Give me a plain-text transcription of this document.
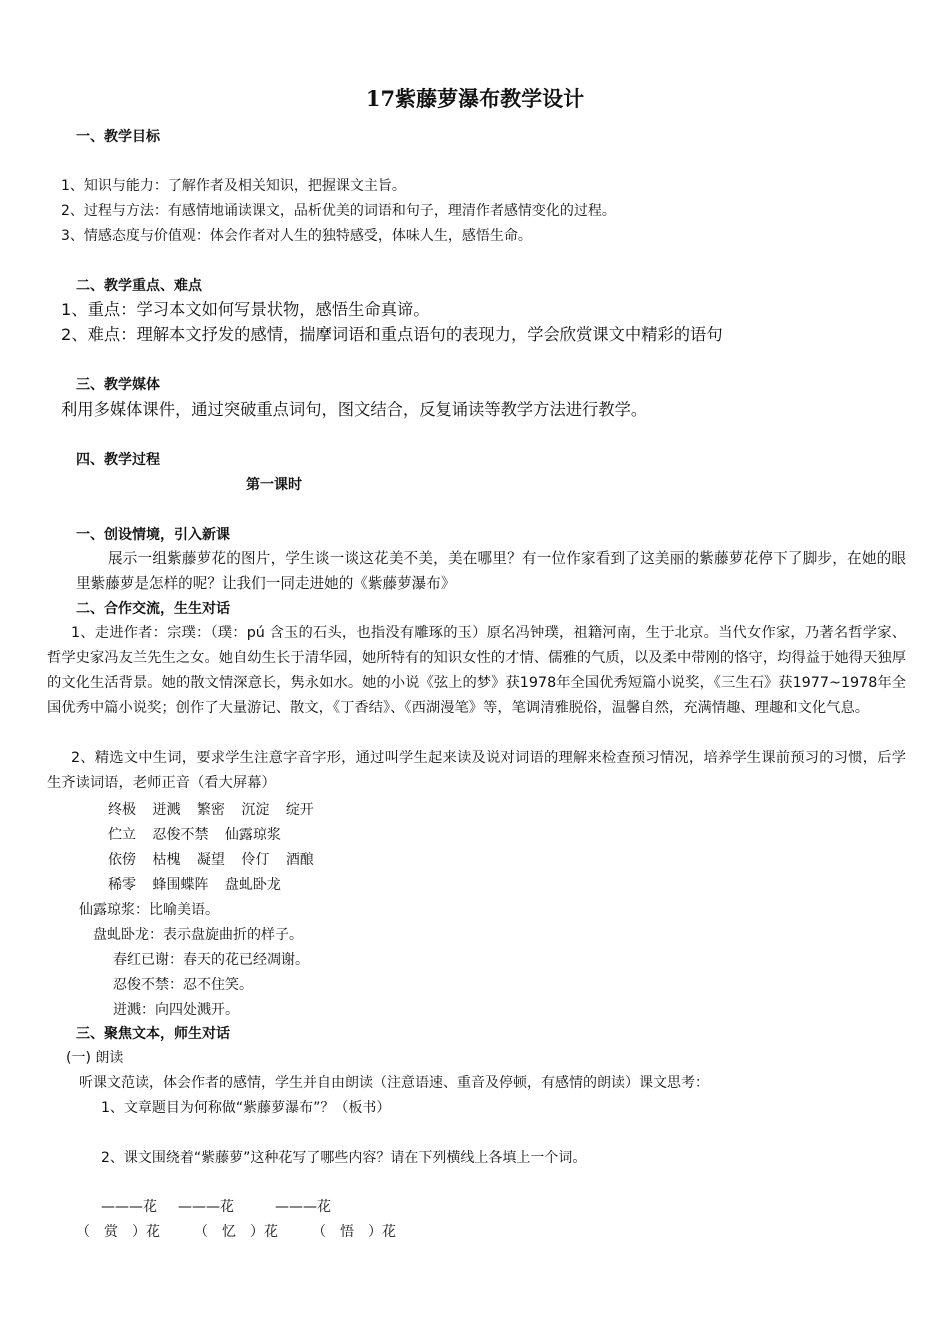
17紫藤萝瀑布教学设计

一、教学目标

1、知识与能力：了解作者及相关知识，把握课文主旨。

2、过程与方法：有感情地诵读课文，品析优美的词语和句子，理清作者感情变化的过程。

3、情感态度与价值观：体会作者对人生的独特感受，体味人生，感悟生命。

二、教学重点、难点

1、重点：学习本文如何写景状物，感悟生命真谛。

2、难点：理解本文抒发的感情，揣摩词语和重点语句的表现力，学会欣赏课文中精彩的语句

三、教学媒体

利用多媒体课件，通过突破重点词句，图文结合，反复诵读等教学方法进行教学。

四、教学过程

第一课时

一、创设情境，引入新课

展示一组紫藤萝花的图片，学生谈一谈这花美不美，美在哪里？有一位作家看到了这美丽的紫藤萝花停下了脚步，在她的眼里紫藤萝是怎样的呢？让我们一同走进她的《紫藤萝瀑布》

二、合作交流，生生对话

1、走进作者：宗璞：（璞：pú 含玉的石头，也指没有雕琢的玉）原名冯钟璞，祖籍河南，生于北京。当代女作家，乃著名哲学家、哲学史家冯友兰先生之女。她自幼生长于清华园，她所特有的知识女性的才情、儒雅的气质，以及柔中带刚的恪守，均得益于她得天独厚的文化生活背景。她的散文情深意长，隽永如水。她的小说《弦上的梦》获1978年全国优秀短篇小说奖，《三生石》获1977~1978年全国优秀中篇小说奖；创作了大量游记、散文，《丁香结》、《西湖漫笔》等，笔调清雅脱俗，温馨自然，充满情趣、理趣和文化气息。

2、精选文中生词，要求学生注意字音字形，通过叫学生起来读及说对词语的理解来检查预习情况，培养学生课前预习的习惯，后学生齐读词语，老师正音（看大屏幕）

终极 迸溅 繁密 沉淀 绽开
伫立 忍俊不禁 仙露琼浆
依傍 枯槐 凝望 伶仃 酒酿
稀零 蜂围蝶阵 盘虬卧龙

仙露琼浆：比喻美语。

盘虬卧龙：表示盘旋曲折的样子。

春红已谢：春天的花已经凋谢。

忍俊不禁：忍不住笑。

迸溅：向四处溅开。

三、聚焦文本，师生对话

(一) 朗读

听课文范读，体会作者的感情，学生并自由朗读（注意语速、重音及停顿，有感情的朗读）课文思考：

1、文章题目为何称做“紫藤萝瀑布”？（板书）

2、课文围绕着“紫藤萝”这种花写了哪些内容？请在下列横线上各填上一个词。

———花 ———花	———花

（　赏　）花 （　忆　）花 （　悟　）花
